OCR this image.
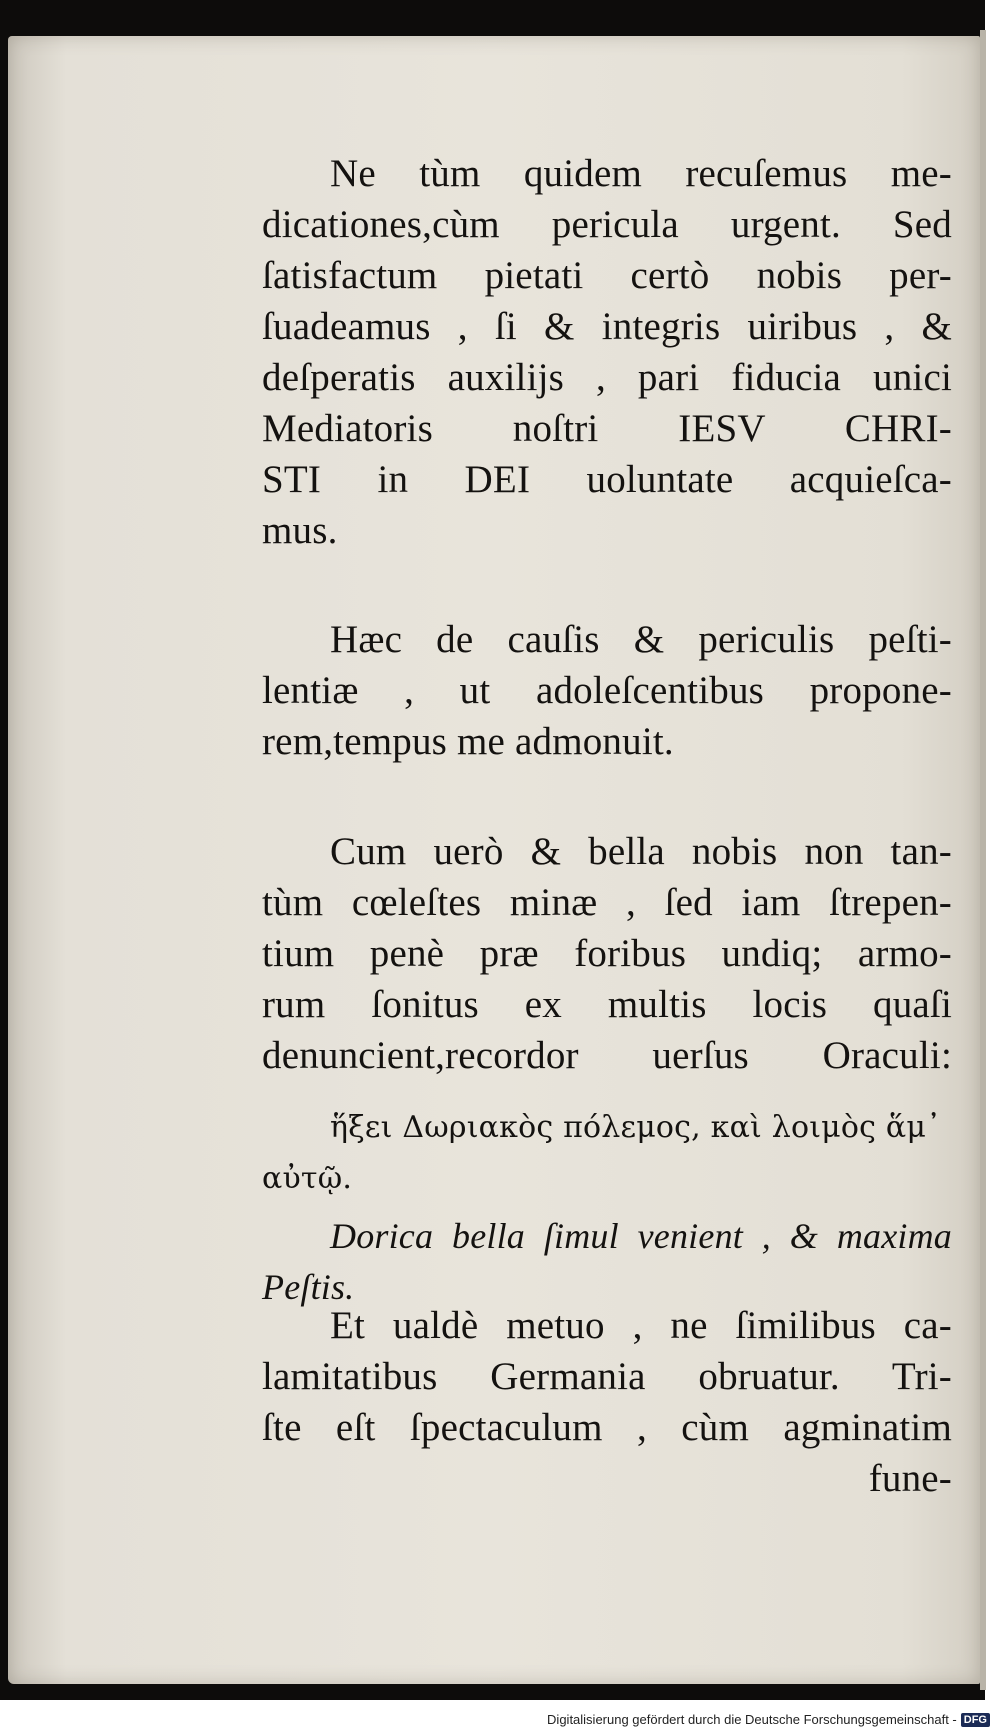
Ne tùm quidem recuſemus me-
dicationes,cùm pericula urgent. Sed
ſatisfactum pietati certò nobis per-
ſuadeamus , ſi & integris uiribus , &
deſperatis auxilijs , pari fiducia unici
Mediatoris noſtri IESV CHRI-
STI in DEI uoluntate acquieſca-
mus.
Hæc de cauſis & periculis peſti-
lentiæ , ut adoleſcentibus propone-
rem,tempus me admonuit.
Cum uerò & bella nobis non tan-
tùm cœleſtes minæ , ſed iam ſtrepen-
tium penè præ foribus undiq; armo-
rum ſonitus ex multis locis quaſi
denuncient,recordor uerſus Oraculi:
ἥξει Δωριακὸς πόλεμος, καὶ λοιμὸς ἅμ᾽
αὐτῷ.
Dorica bella ſimul venient , & maxima
Peſtis.
Et ualdè metuo , ne ſimilibus ca-
lamitatibus Germania obruatur. Tri-
ſte eſt ſpectaculum , cùm agminatim
fune-
Digitalisierung gefördert durch die Deutsche Forschungsgemeinschaft - DFG
